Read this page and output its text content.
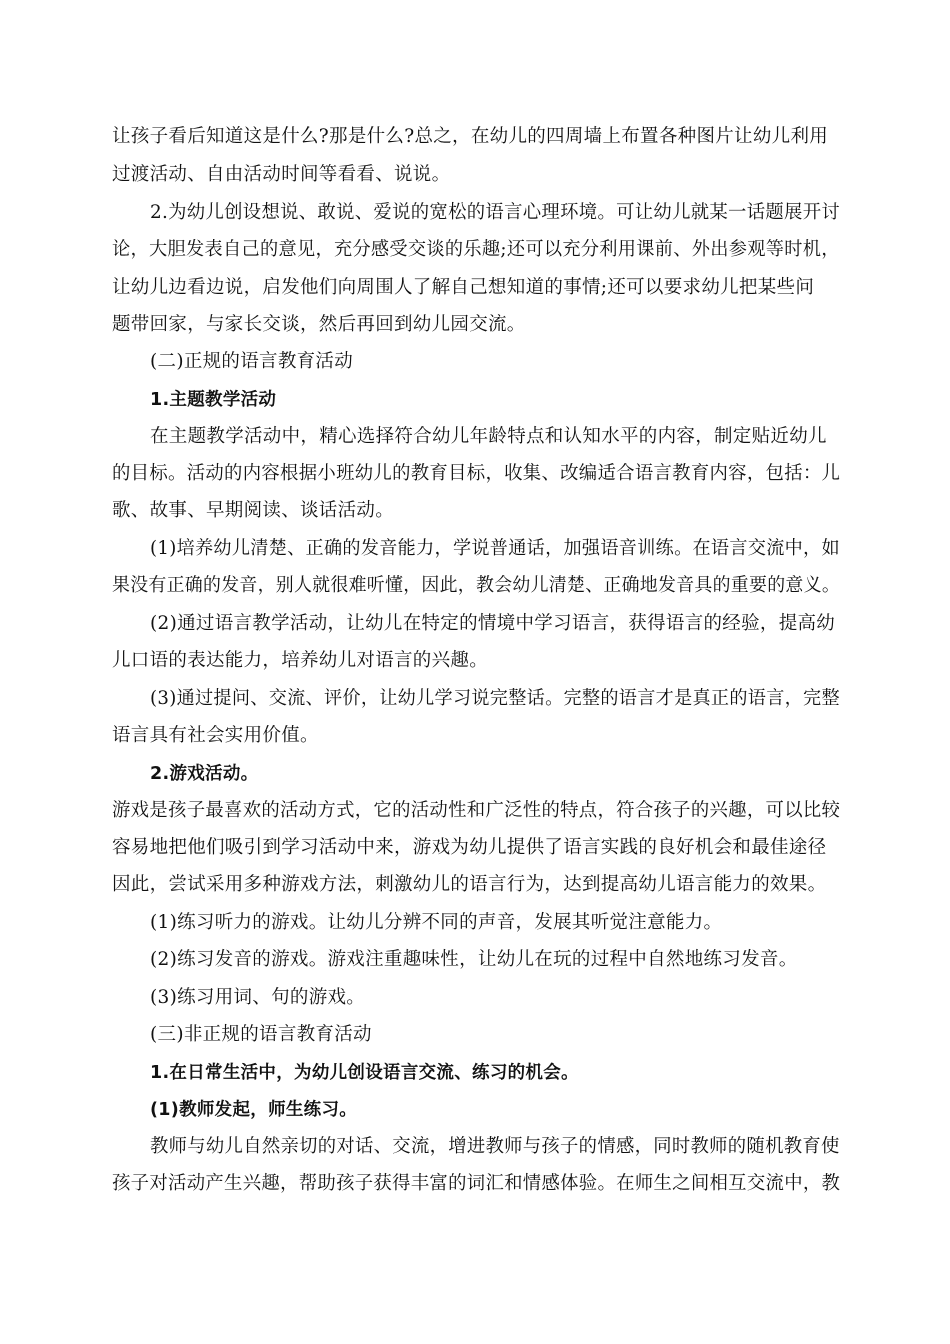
让孩子看后知道这是什么?那是什么?总之，在幼儿的四周墙上布置各种图片让幼儿利用
过渡活动、自由活动时间等看看、说说。
2.为幼儿创设想说、敢说、爱说的宽松的语言心理环境。可让幼儿就某一话题展开讨
论，大胆发表自己的意见，充分感受交谈的乐趣;还可以充分利用课前、外出参观等时机，
让幼儿边看边说，启发他们向周围人了解自己想知道的事情;还可以要求幼儿把某些问
题带回家，与家长交谈，然后再回到幼儿园交流。
(二)正规的语言教育活动
1.主题教学活动
在主题教学活动中，精心选择符合幼儿年龄特点和认知水平的内容，制定贴近幼儿
的目标。活动的内容根据小班幼儿的教育目标，收集、改编适合语言教育内容，包括：儿
歌、故事、早期阅读、谈话活动。
(1)培养幼儿清楚、正确的发音能力，学说普通话，加强语音训练。在语言交流中，如
果没有正确的发音，别人就很难听懂，因此，教会幼儿清楚、正确地发音具的重要的意义。
(2)通过语言教学活动，让幼儿在特定的情境中学习语言，获得语言的经验，提高幼
儿口语的表达能力，培养幼儿对语言的兴趣。
(3)通过提问、交流、评价，让幼儿学习说完整话。完整的语言才是真正的语言，完整
语言具有社会实用价值。
2.游戏活动。
游戏是孩子最喜欢的活动方式，它的活动性和广泛性的特点，符合孩子的兴趣，可以比较
容易地把他们吸引到学习活动中来，游戏为幼儿提供了语言实践的良好机会和最佳途径
因此，尝试采用多种游戏方法，刺激幼儿的语言行为，达到提高幼儿语言能力的效果。
(1)练习听力的游戏。让幼儿分辨不同的声音，发展其听觉注意能力。
(2)练习发音的游戏。游戏注重趣味性，让幼儿在玩的过程中自然地练习发音。
(3)练习用词、句的游戏。
(三)非正规的语言教育活动
1.在日常生活中，为幼儿创设语言交流、练习的机会。
(1)教师发起，师生练习。
教师与幼儿自然亲切的对话、交流，增进教师与孩子的情感，同时教师的随机教育使
孩子对活动产生兴趣，帮助孩子获得丰富的词汇和情感体验。在师生之间相互交流中，教
